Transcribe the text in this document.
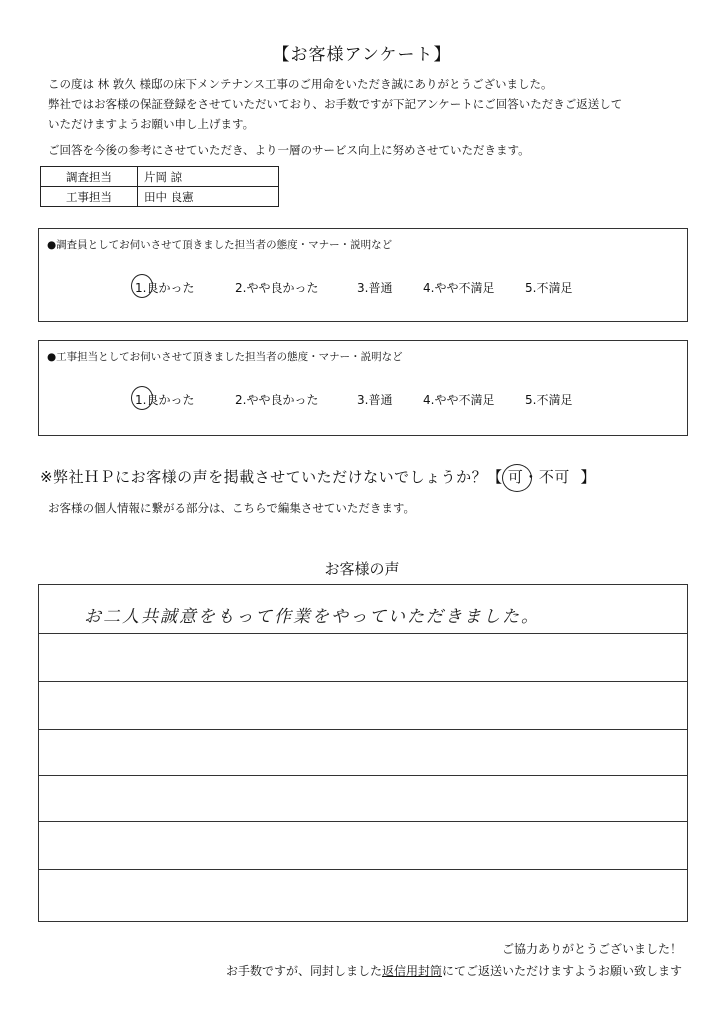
【お客様アンケート】
この度は 林 敦久 様邸の床下メンテナンス工事のご用命をいただき誠にありがとうございました。
弊社ではお客様の保証登録をさせていただいており、お手数ですが下記アンケートにご回答いただきご返送して
いただけますようお願い申し上げます。
ご回答を今後の参考にさせていただき、より一層のサービス向上に努めさせていただきます。
調査担当	片岡 諒
工事担当	田中 良憲
●調査員としてお伺いさせて頂きました担当者の態度・マナー・説明など
1.良かった	2.やや良かった	3.普通	4.やや不満足	5.不満足
●工事担当としてお伺いさせて頂きました担当者の態度・マナー・説明など
1.良かった	2.やや良かった	3.普通	4.やや不満足	5.不満足
※弊社ＨＰにお客様の声を掲載させていただけないでしょうか？【 可・不可 】
お客様の個人情報に繋がる部分は、こちらで編集させていただきます。
お客様の声
お二人共誠意をもって作業をやっていただきました。
ご協力ありがとうございました！
お手数ですが、同封しました返信用封筒にてご返送いただけますようお願い致します
